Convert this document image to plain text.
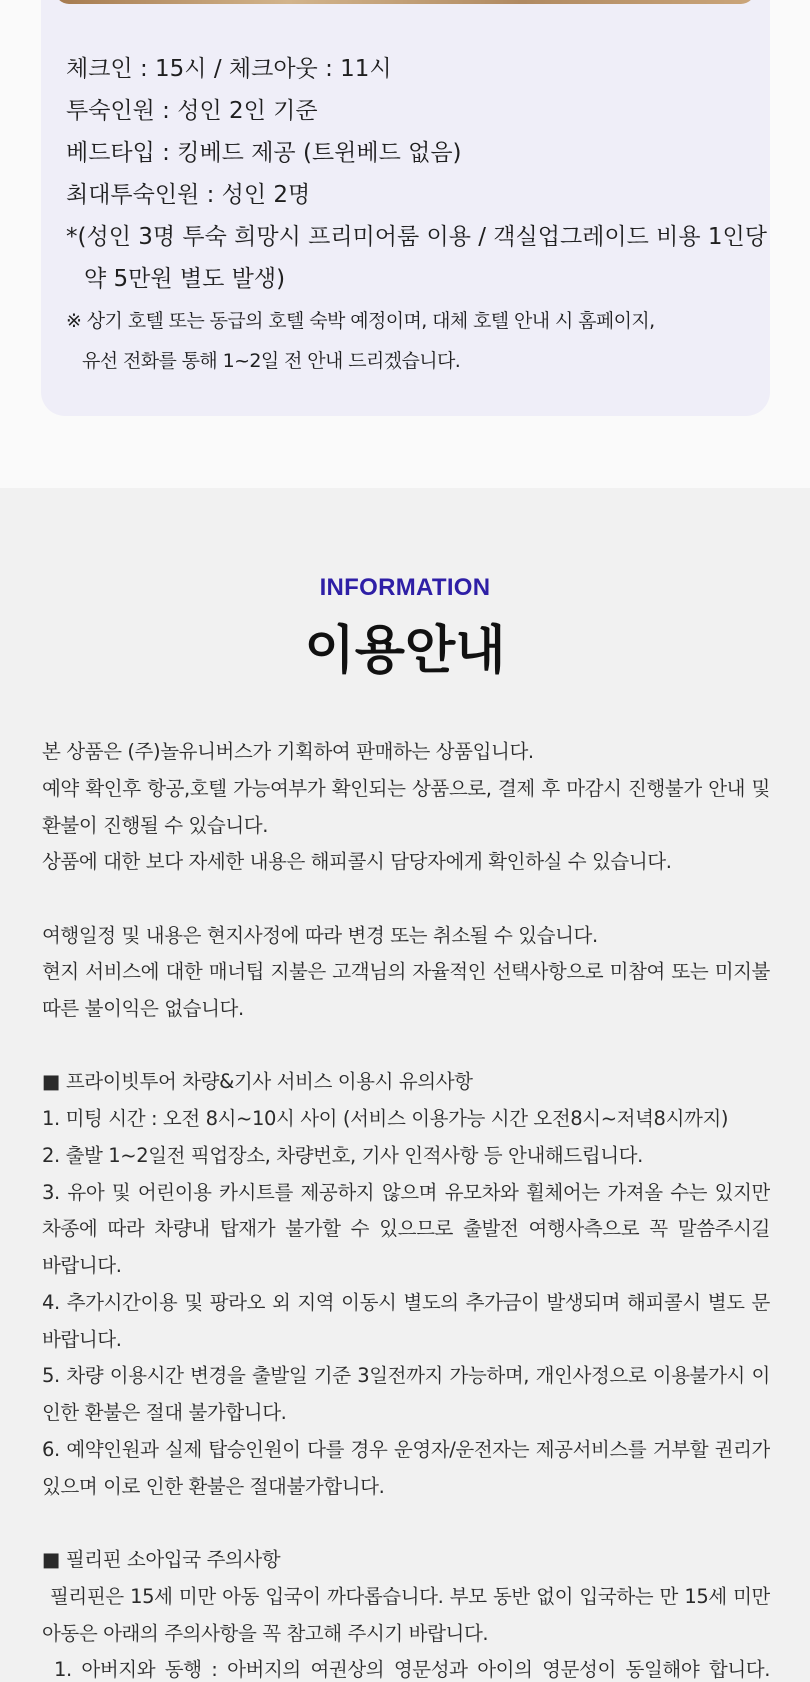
체크인 : 15시 / 체크아웃 : 11시
투숙인원 : 성인 2인 기준
베드타입 : 킹베드 제공 (트윈베드 없음)
최대투숙인원 : 성인 2명
*(성인 3명 투숙 희망시 프리미어룸 이용 / 객실업그레이드 비용 1인당
약 5만원 별도 발생)
※ 상기 호텔 또는 동급의 호텔 숙박 예정이며, 대체 호텔 안내 시 홈페이지,
유선 전화를 통해 1~2일 전 안내 드리겠습니다.
INFORMATION
이용안내
본 상품은 (주)놀유니버스가 기획하여 판매하는 상품입니다.
예약 확인후 항공,호텔 가능여부가 확인되는 상품으로, 결제 후 마감시 진행불가 안내 및
환불이 진행될 수 있습니다.
상품에 대한 보다 자세한 내용은 해피콜시 담당자에게 확인하실 수 있습니다.
여행일정 및 내용은 현지사정에 따라 변경 또는 취소될 수 있습니다.
현지 서비스에 대한 매너팁 지불은 고객님의 자율적인 선택사항으로 미참여 또는 미지불
따른 불이익은 없습니다.
■ 프라이빗투어 차량&기사 서비스 이용시 유의사항
1. 미팅 시간 : 오전 8시~10시 사이 (서비스 이용가능 시간 오전8시~저녁8시까지)
2. 출발 1~2일전 픽업장소, 차량번호, 기사 인적사항 등 안내해드립니다.
3. 유아 및 어린이용 카시트를 제공하지 않으며 유모차와 휠체어는 가져올 수는 있지만
차종에 따라 차량내 탑재가 불가할 수 있으므로 출발전 여행사측으로 꼭 말씀주시길
바랍니다.
4. 추가시간이용 및 팡라오 외 지역 이동시 별도의 추가금이 발생되며 해피콜시 별도 문
바랍니다.
5. 차량 이용시간 변경을 출발일 기준 3일전까지 가능하며, 개인사정으로 이용불가시 이
인한 환불은 절대 불가합니다.
6. 예약인원과 실제 탑승인원이 다를 경우 운영자/운전자는 제공서비스를 거부할 권리가
있으며 이로 인한 환불은 절대불가합니다.
■ 필리핀 소아입국 주의사항
필리핀은 15세 미만 아동 입국이 까다롭습니다. 부모 동반 없이 입국하는 만 15세 미만
아동은 아래의 주의사항을 꼭 참고해 주시기 바랍니다.
1. 아버지와 동행 : 아버지의 여권상의 영문성과 아이의 영문성이 동일해야 합니다.
